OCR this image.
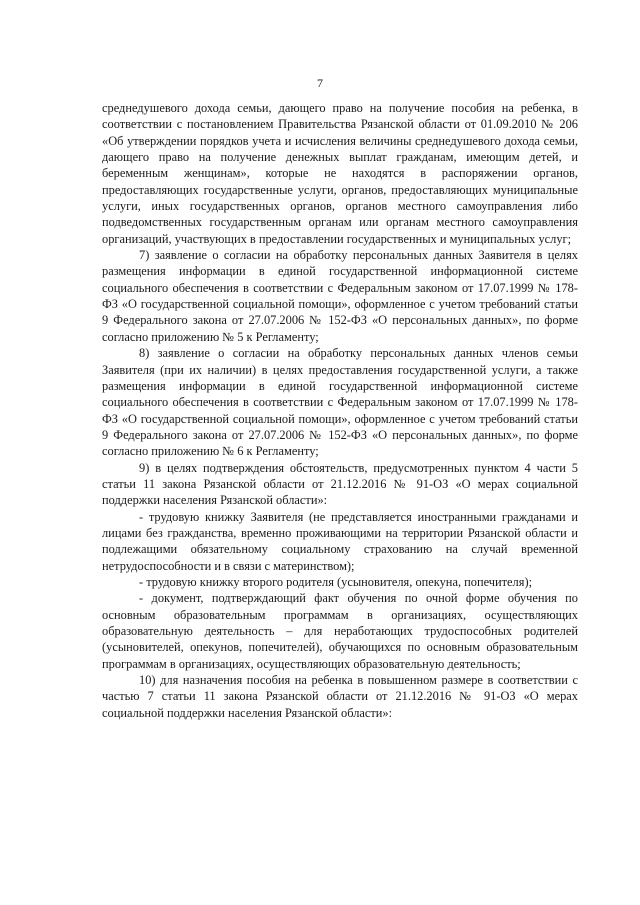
7

среднедушевого дохода семьи, дающего право на получение пособия на ребенка, в соответствии с постановлением Правительства Рязанской области от 01.09.2010 № 206 «Об утверждении порядков учета и исчисления величины среднедушевого дохода семьи, дающего право на получение денежных выплат гражданам, имеющим детей, и беременным женщинам», которые не находятся в распоряжении органов, предоставляющих государственные услуги, органов, предоставляющих муниципальные услуги, иных государственных органов, органов местного самоуправления либо подведомственных государственным органам или органам местного самоуправления организаций, участвующих в предоставлении государственных и муниципальных услуг;

7) заявление о согласии на обработку персональных данных Заявителя в целях размещения информации в единой государственной информационной системе социального обеспечения в соответствии с Федеральным законом от 17.07.1999 № 178-ФЗ «О государственной социальной помощи», оформленное с учетом требований статьи 9 Федерального закона от 27.07.2006 № 152-ФЗ «О персональных данных», по форме согласно приложению № 5 к Регламенту;

8) заявление о согласии на обработку персональных данных членов семьи Заявителя (при их наличии) в целях предоставления государственной услуги, а также размещения информации в единой государственной информационной системе социального обеспечения в соответствии с Федеральным законом от 17.07.1999 № 178-ФЗ «О государственной социальной помощи», оформленное с учетом требований статьи 9 Федерального закона от 27.07.2006 № 152-ФЗ «О персональных данных», по форме согласно приложению № 6 к Регламенту;

9) в целях подтверждения обстоятельств, предусмотренных пунктом 4 части 5 статьи 11 закона Рязанской области от 21.12.2016 № 91-ОЗ «О мерах социальной поддержки населения Рязанской области»:

- трудовую книжку Заявителя (не представляется иностранными гражданами и лицами без гражданства, временно проживающими на территории Рязанской области и подлежащими обязательному социальному страхованию на случай временной нетрудоспособности и в связи с материнством);

- трудовую книжку второго родителя (усыновителя, опекуна, попечителя);

- документ, подтверждающий факт обучения по очной форме обучения по основным образовательным программам в организациях, осуществляющих образовательную деятельность – для неработающих трудоспособных родителей (усыновителей, опекунов, попечителей), обучающихся по основным образовательным программам в организациях, осуществляющих образовательную деятельность;

10) для назначения пособия на ребенка в повышенном размере в соответствии с частью 7 статьи 11 закона Рязанской области от 21.12.2016 № 91-ОЗ «О мерах социальной поддержки населения Рязанской области»:
